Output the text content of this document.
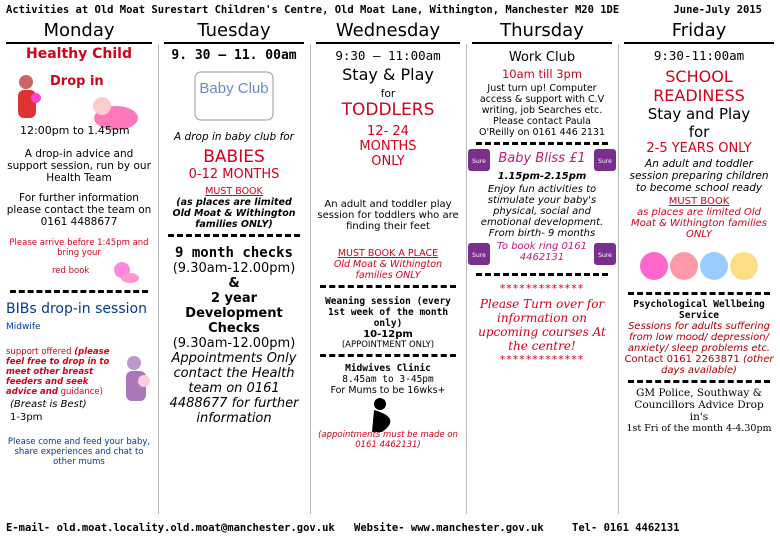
Activities at Old Moat Surestart Children's Centre, Old Moat Lane, Withington, Manchester M20 1DE	June-July 2015
Monday
Healthy Child
Drop in
12:00pm to 1.45pm
A drop-in advice and support session, run by our Health Team
For further information please contact the team on 0161 4488677
Please arrive before 1:45pm and bring your
red book
BIBs drop-in session Midwife
support offered (please feel free to drop in to meet other breast feeders and seek advice and guidance)
(Breast is Best)
1-3pm
Please come and feed your baby, share experiences and chat to other mums
Tuesday
9. 30 – 11. 00am
Baby Club
A drop in baby club for
BABIES
0-12 MONTHS
MUST BOOK
(as places are limited Old Moat & Withington families ONLY)
9 month checks
(9.30am-12.00pm)
&
2 year Development Checks
(9.30am-12.00pm)
Appointments Only contact the Health team on 0161 4488677 for further information
Wednesday
9:30 – 11:00am
Stay & Play
for
TODDLERS
12- 24 MONTHS ONLY
An adult and toddler play session for toddlers who are finding their feet
MUST BOOK A PLACE
Old Moat & Withington families ONLY
Weaning session (every 1st week of the month only)
10-12pm
(APPOINTMENT ONLY)
Midwives Clinic
8.45am to 3-45pm
For Mums to be 16wks+
(appointments must be made on 0161 4462131)
Thursday
Work Club
10am till 3pm
Just turn up! Computer access & support with C.V writing, job Searches etc. Please contact Paula O'Reilly on 0161 446 2131
Sure Baby Bliss £1	Sure
1.15pm-2.15pm
Enjoy fun activities to stimulate your baby's physical, social and emotional development. From birth- 9 months
Sure
To book ring 0161 4462131	Sure
*************
Please Turn over for information on upcoming courses At the centre!
*************
Friday
9:30-11:00am
SCHOOL READINESS
Stay and Play
for
2-5 YEARS ONLY
An adult and toddler session preparing children to become school ready
MUST BOOK
as places are limited Old Moat & Withington families ONLY
Psychological Wellbeing Service
Sessions for adults suffering from low mood/ depression/ anxiety/ sleep problems etc. Contact 0161 2263871 (other days available)
GM Police, Southway & Councillors Advice Drop in's
1st Fri of the month 4-4.30pm
E-mail- old.moat.locality.old.moat@manchester.gov.uk Website- www.manchester.gov.uk	Tel- 0161 4462131
